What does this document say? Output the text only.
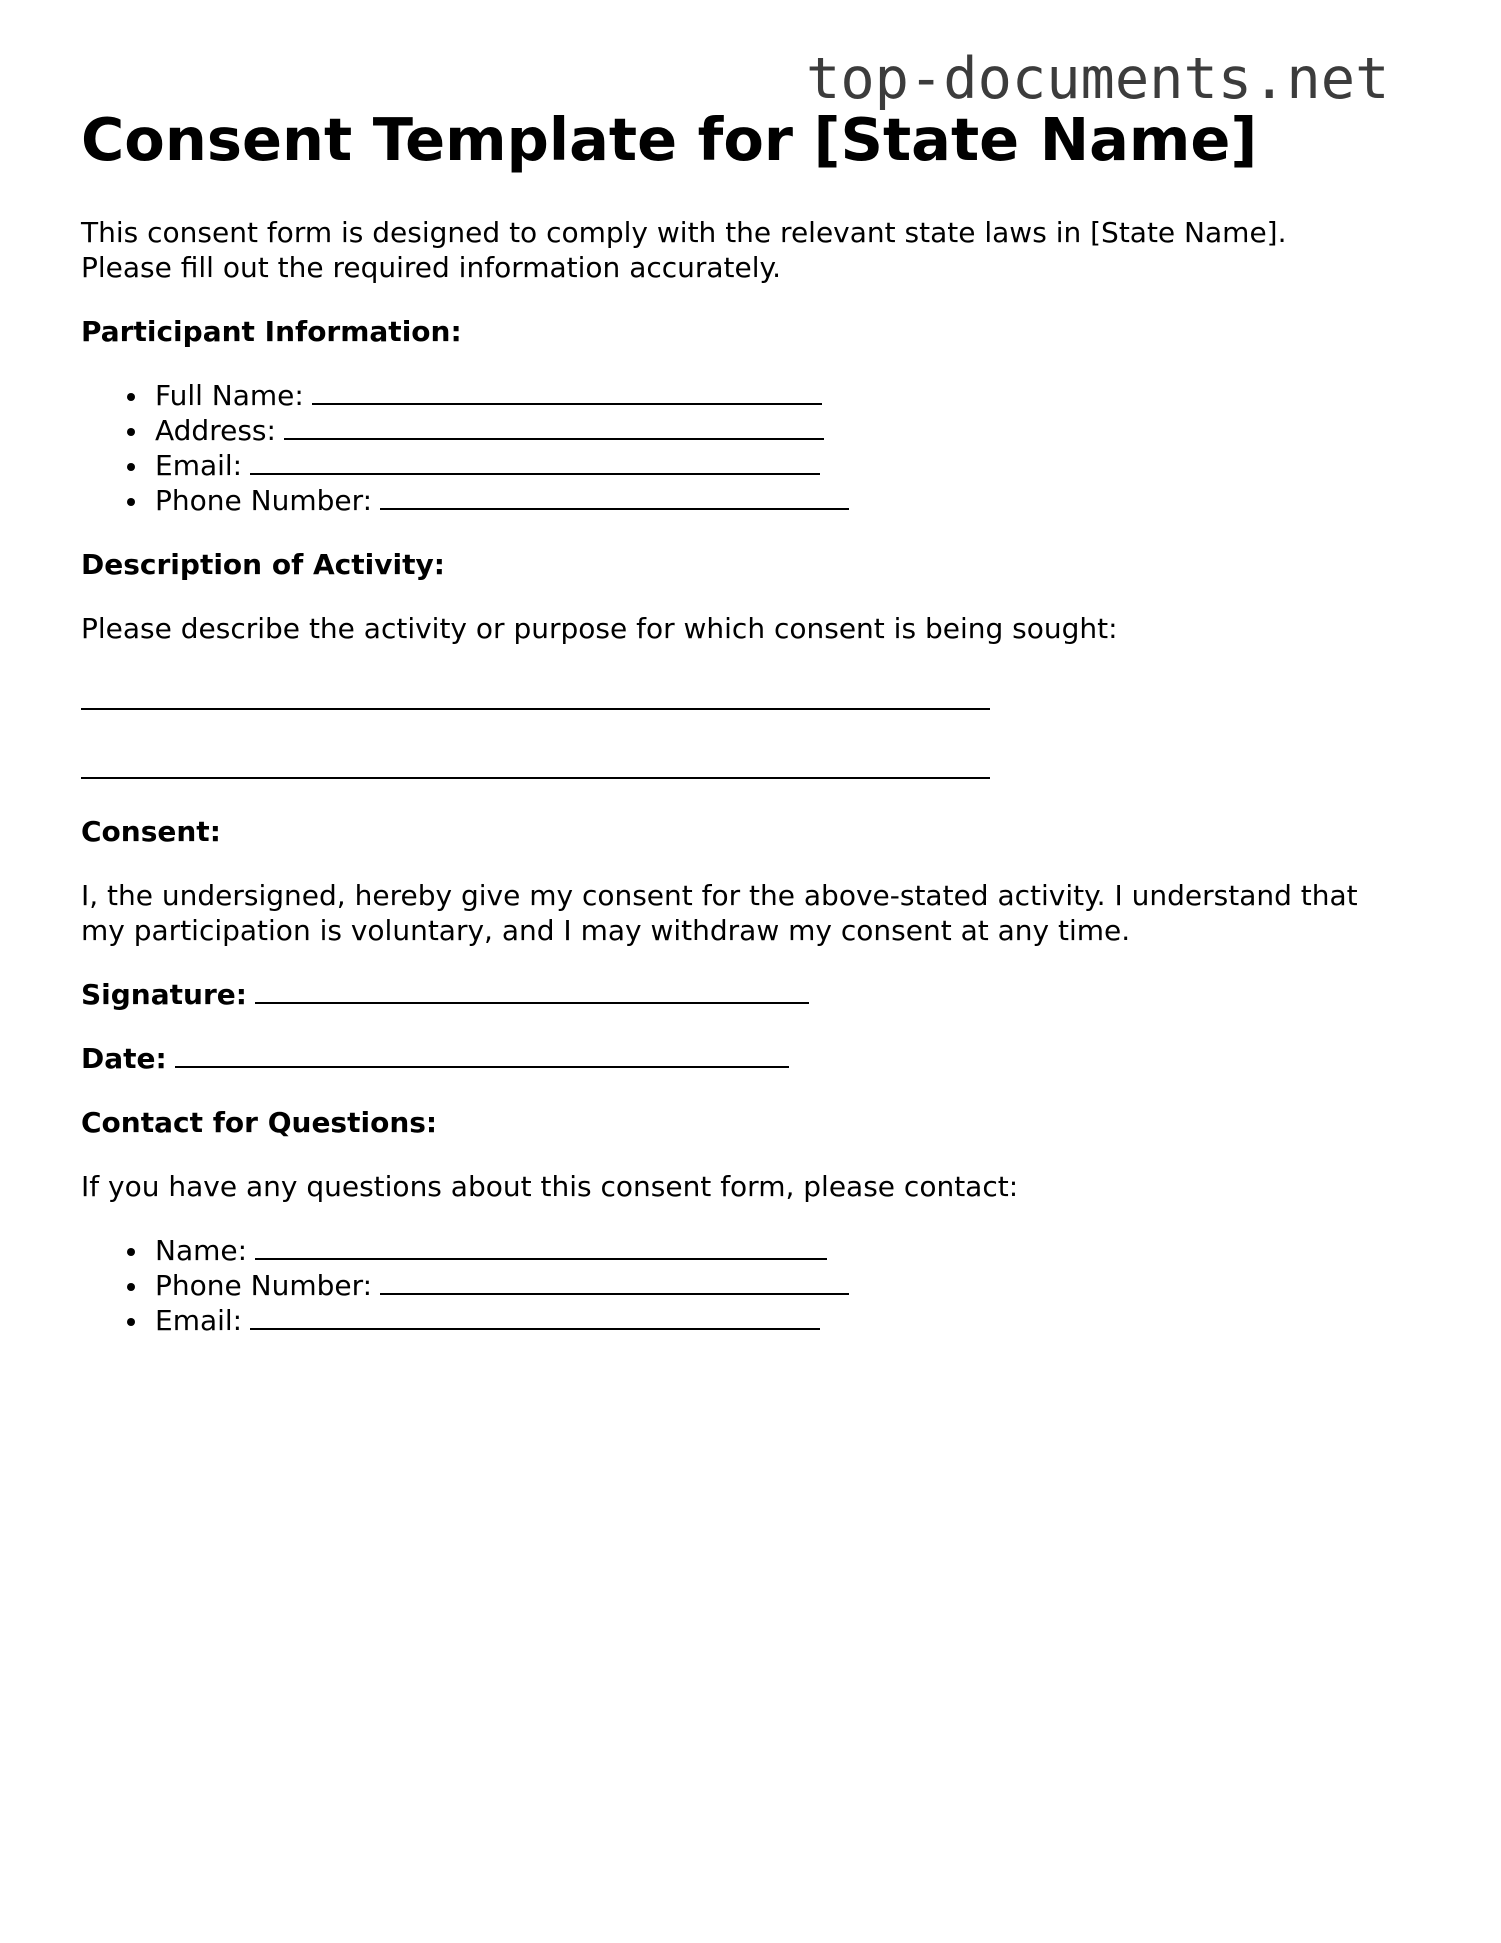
top-documents.net
Consent Template for [State Name]

This consent form is designed to comply with the relevant state laws in [State Name].

Please fill out the required information accurately.

Participant Information:

Full Name:
Address:
Email:
Phone Number:

Description of Activity:

Please describe the activity or purpose for which consent is being sought:

Consent:

I, the undersigned, hereby give my consent for the above-stated activity. I understand that

my participation is voluntary, and I may withdraw my consent at any time.

Signature:

Date:

Contact for Questions:

If you have any questions about this consent form, please contact:

Name:
Phone Number:
Email:
